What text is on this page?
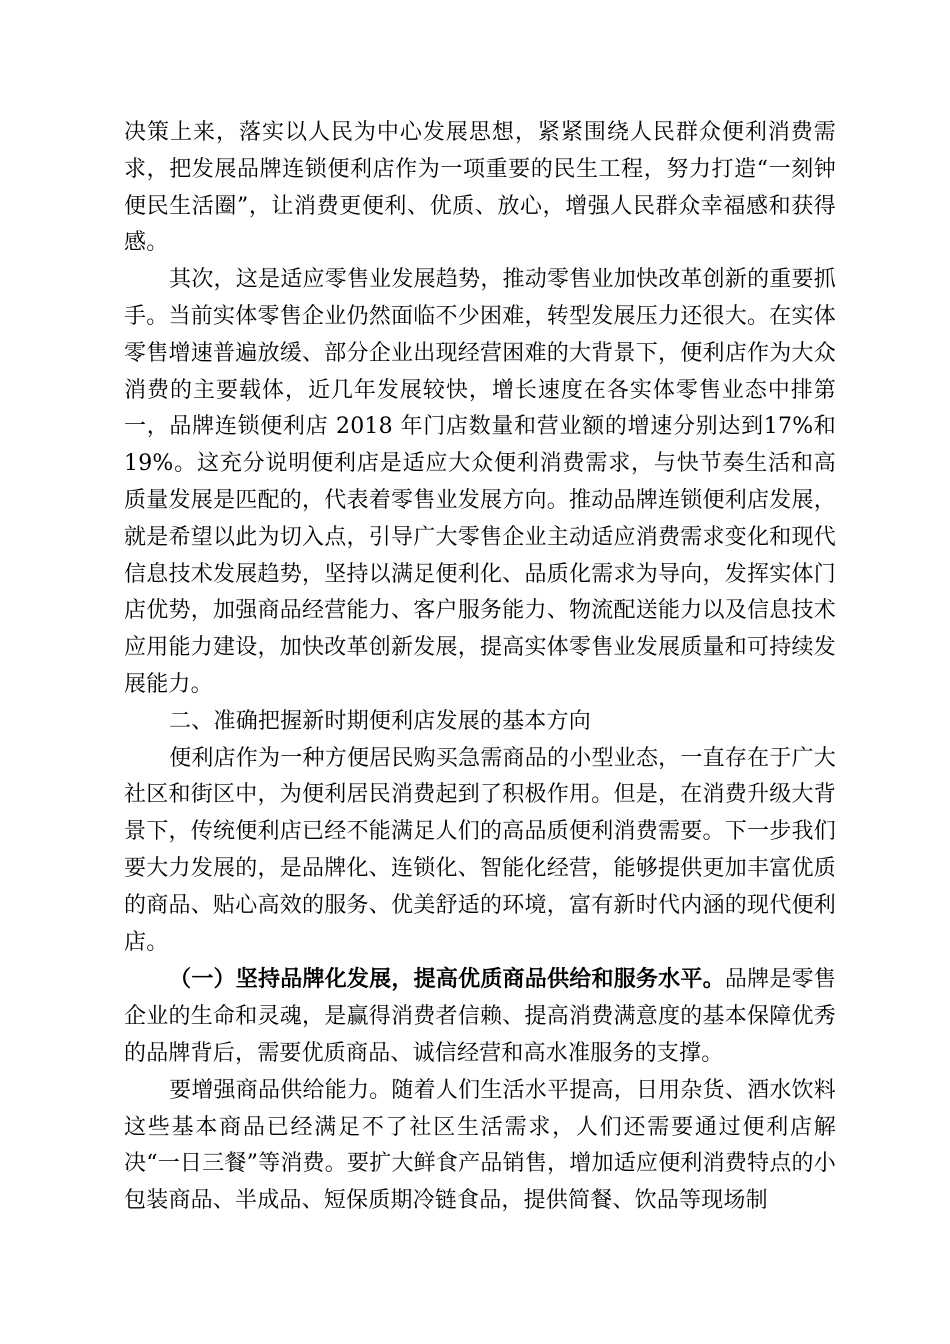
决策上来，落实以人民为中心发展思想，紧紧围绕人民群众便利消费需求，把发展品牌连锁便利店作为一项重要的民生工程，努力打造“一刻钟便民生活圈”，让消费更便利、优质、放心，增强人民群众幸福感和获得感。

其次，这是适应零售业发展趋势，推动零售业加快改革创新的重要抓手。当前实体零售企业仍然面临不少困难，转型发展压力还很大。在实体零售增速普遍放缓、部分企业出现经营困难的大背景下，便利店作为大众消费的主要载体，近几年发展较快，增长速度在各实体零售业态中排第一，品牌连锁便利店 2018 年门店数量和营业额的增速分别达到17%和 19%。这充分说明便利店是适应大众便利消费需求，与快节奏生活和高质量发展是匹配的，代表着零售业发展方向。推动品牌连锁便利店发展，就是希望以此为切入点，引导广大零售企业主动适应消费需求变化和现代信息技术发展趋势，坚持以满足便利化、品质化需求为导向，发挥实体门店优势，加强商品经营能力、客户服务能力、物流配送能力以及信息技术应用能力建设，加快改革创新发展，提高实体零售业发展质量和可持续发展能力。

二、准确把握新时期便利店发展的基本方向

便利店作为一种方便居民购买急需商品的小型业态，一直存在于广大社区和街区中，为便利居民消费起到了积极作用。但是，在消费升级大背景下，传统便利店已经不能满足人们的高品质便利消费需要。下一步我们要大力发展的，是品牌化、连锁化、智能化经营，能够提供更加丰富优质的商品、贴心高效的服务、优美舒适的环境，富有新时代内涵的现代便利店。

（一）坚持品牌化发展，提高优质商品供给和服务水平。品牌是零售企业的生命和灵魂，是赢得消费者信赖、提高消费满意度的基本保障优秀的品牌背后，需要优质商品、诚信经营和高水准服务的支撑。

要增强商品供给能力。随着人们生活水平提高，日用杂货、酒水饮料这些基本商品已经满足不了社区生活需求，人们还需要通过便利店解决“一日三餐”等消费。要扩大鲜食产品销售，增加适应便利消费特点的小包装商品、半成品、短保质期冷链食品，提供简餐、饮品等现场制
